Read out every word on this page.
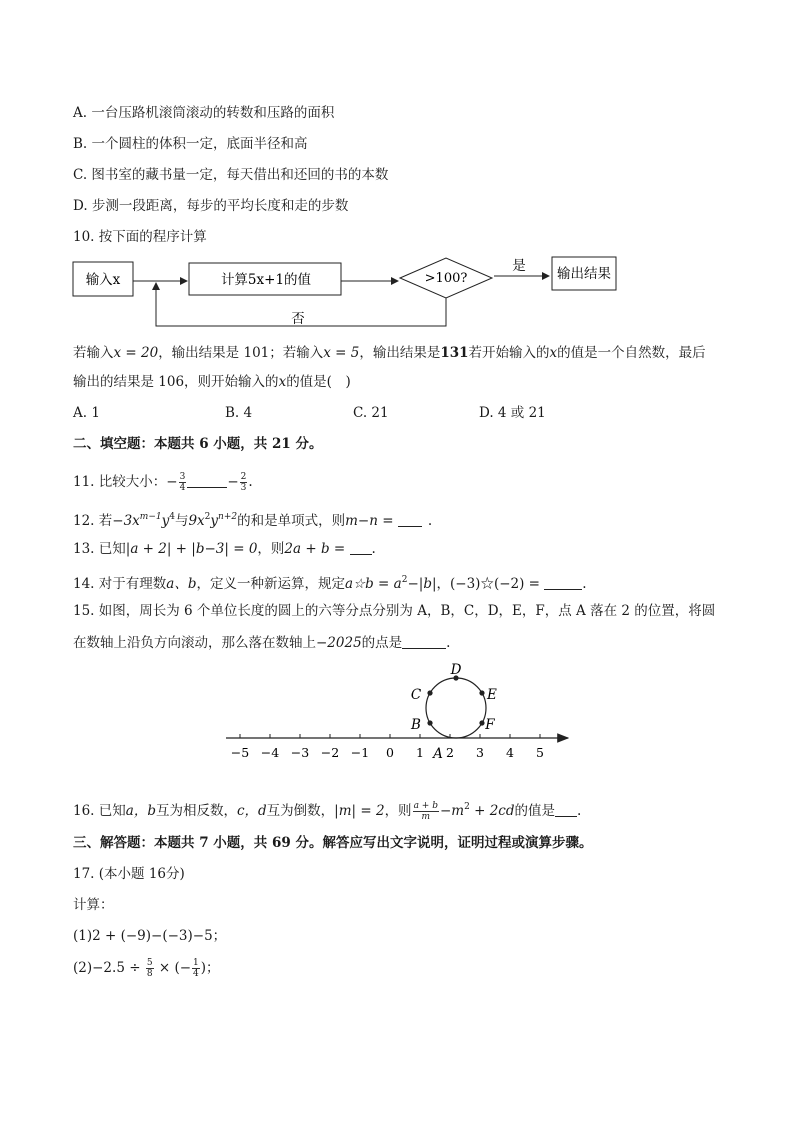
A. 一台压路机滚筒滚动的转数和压路的面积
B. 一个圆柱的体积一定，底面半径和高
C. 图书室的藏书量一定，每天借出和还回的书的本数
D. 步测一段距离，每步的平均长度和走的步数
10. 按下面的程序计算
输入x	计算5x+1的值	>100?
是 输出结果
否
若输入x = 20，输出结果是 101；若输入x = 5，输出结果是131若开始输入的x的值是一个自然数，最后
输出的结果是 106，则开始输入的x的值是(　)
A. 1	B. 4	C. 21	D. 4 或 21
二、填空题：本题共 6 小题，共 21 分。
11. 比较大小：− $\frac{3}{4}$	− $\frac{2}{3}$ .
12. 若$-3x^{m-1}y^4$与$9x^2y^{n+2}$的和是单项式，则m−n = .
13. 已知|a + 2| + |b−3| = 0，则2a + b = .
14. 对于有理数a、b，定义一种新运算，规定a☆b = $a^2-|b|$，(−3)☆(−2) =	.
15. 如图，周长为 6 个单位长度的圆上的六等分点分别为 A，B，C，D，E，F，点 A 落在 2 的位置，将圆
在数轴上沿负方向滚动，那么落在数轴上−2025的点是	.
−5 −4 −3 −2 −1 0 1 2 3 4 5
A
B
C
D
E
F
16. 已知a，b互为相反数，c，d互为倒数，|m| = 2，则 $\frac{a + b}{m} -m^2 + 2cd$的值是 .
三、解答题：本题共 7 小题，共 69 分。解答应写出文字说明，证明过程或演算步骤。
17. (本小题 16分)
计算：
(1)2 + (−9)−(−3)−5；
$(2)-2.5 \div \frac{5}{8}$ × (− $\frac{1}{4}$ )；
